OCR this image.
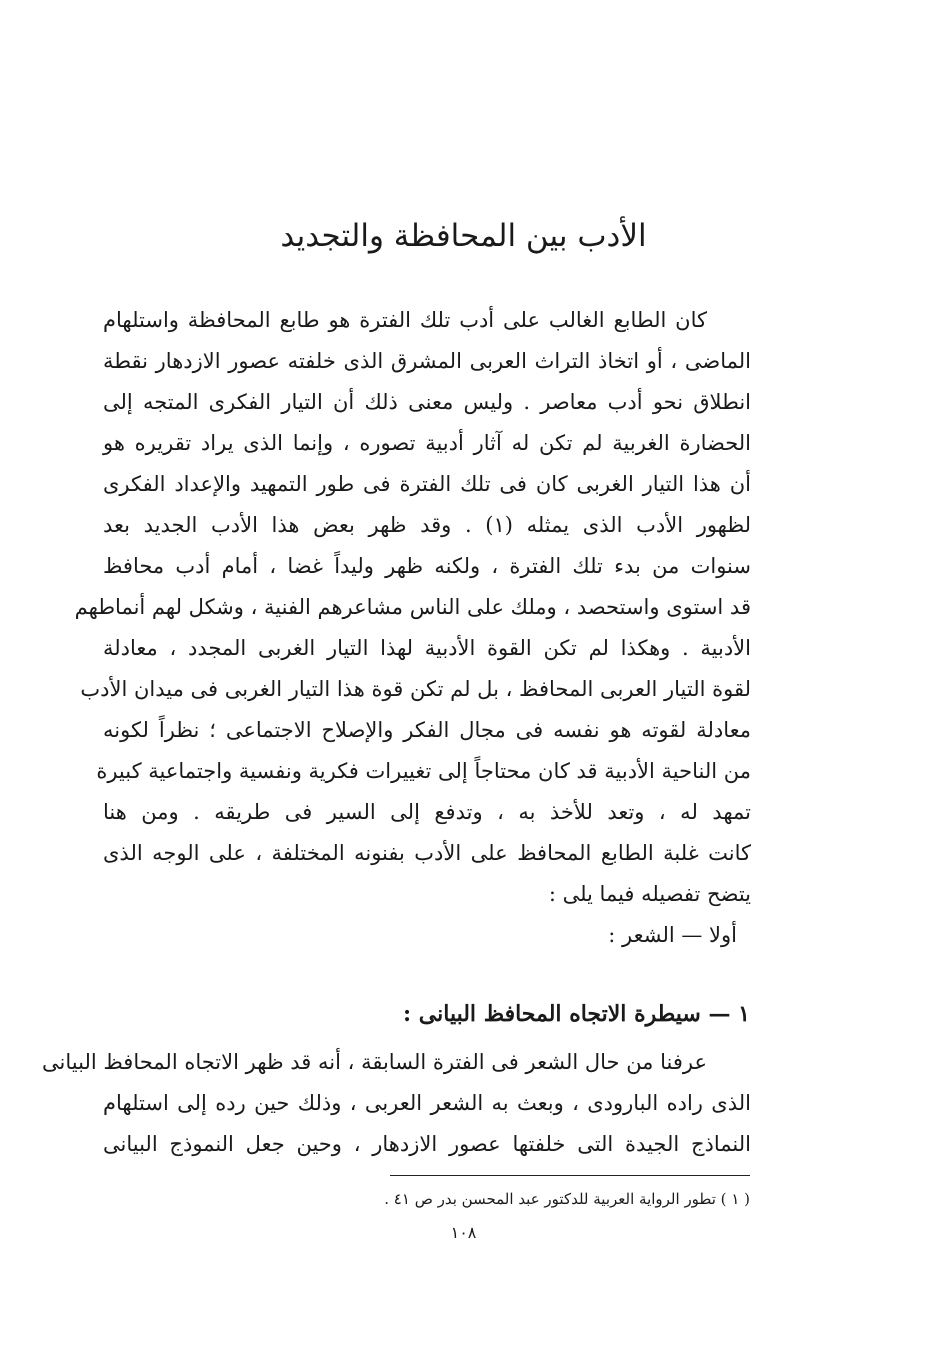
الأدب بين المحافظة والتجديد
كان الطابع الغالب على أدب تلك الفترة هو طابع المحافظة واستلهام
الماضى ، أو اتخاذ التراث العربى المشرق الذى خلفته عصور الازدهار نقطة
انطلاق نحو أدب معاصر . وليس معنى ذلك أن التيار الفكرى المتجه إلى
الحضارة الغربية لم تكن له آثار أدبية تصوره ، وإنما الذى يراد تقريره هو
أن هذا التيار الغربى كان فى تلك الفترة فى طور التمهيد والإعداد الفكرى
لظهور الأدب الذى يمثله (١) . وقد ظهر بعض هذا الأدب الجديد بعد
سنوات من بدء تلك الفترة ، ولكنه ظهر وليداً غضا ، أمام أدب محافظ
قد استوى واستحصد ، وملك على الناس مشاعرهم الفنية ، وشكل لهم أنماطهم
الأدبية . وهكذا لم تكن القوة الأدبية لهذا التيار الغربى المجدد ، معادلة
لقوة التيار العربى المحافظ ، بل لم تكن قوة هذا التيار الغربى فى ميدان الأدب
معادلة لقوته هو نفسه فى مجال الفكر والإصلاح الاجتماعى ؛ نظراً لكونه
من الناحية الأدبية قد كان محتاجاً إلى تغييرات فكرية ونفسية واجتماعية كبيرة
تمهد له ، وتعد للأخذ به ، وتدفع إلى السير فى طريقه . ومن هنا
كانت غلبة الطابع المحافظ على الأدب بفنونه المختلفة ، على الوجه الذى
يتضح تفصيله فيما يلى :
أولا — الشعر :
١ — سيطرة الاتجاه المحافظ البيانى :
عرفنا من حال الشعر فى الفترة السابقة ، أنه قد ظهر الاتجاه المحافظ البيانى
الذى راده البارودى ، وبعث به الشعر العربى ، وذلك حين رده إلى استلهام
النماذج الجيدة التى خلفتها عصور الازدهار ، وحين جعل النموذج البيانى
( ١ ) تطور الرواية العربية للدكتور عبد المحسن بدر ص ٤١ .
١٠٨
